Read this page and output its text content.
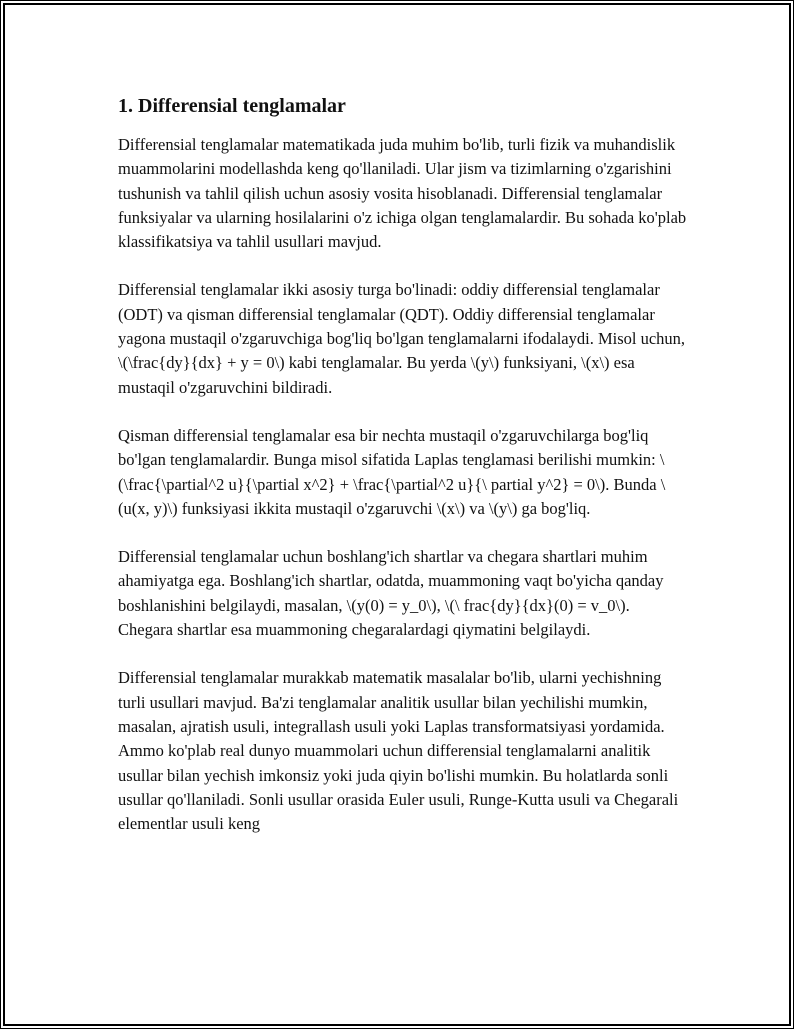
1. Differensial tenglamalar

Differensial tenglamalar matematikada juda muhim bo'lib, turli fizik va muhandislik muammolarini modellashda keng qo'llaniladi. Ular jism va tizimlarning o'zgarishini tushunish va tahlil qilish uchun asosiy vosita hisoblanadi. Differensial tenglamalar funksiyalar va ularning hosilalarini o'z ichiga olgan tenglamalardir. Bu sohada ko'plab klassifikatsiya va tahlil usullari mavjud.

Differensial tenglamalar ikki asosiy turga bo'linadi: oddiy differensial tenglamalar (ODT) va qisman differensial tenglamalar (QDT). Oddiy differensial tenglamalar yagona mustaqil o'zgaruvchiga bog'liq bo'lgan tenglamalarni ifodalaydi. Misol uchun, \(\frac{dy}{dx} + y = 0\) kabi tenglamalar. Bu yerda \(y\) funksiyani, \(x\) esa mustaqil o'zgaruvchini bildiradi.

Qisman differensial tenglamalar esa bir nechta mustaqil o'zgaruvchilarga bog'liq bo'lgan tenglamalardir. Bunga misol sifatida Laplas tenglamasi berilishi mumkin: \(\frac{\partial^2 u}{\partial x^2} + \frac{\partial^2 u}{\ partial y^2} = 0\). Bunda \(u(x, y)\) funksiyasi ikkita mustaqil o'zgaruvchi \(x\) va \(y\) ga bog'liq.

Differensial tenglamalar uchun boshlang'ich shartlar va chegara shartlari muhim ahamiyatga ega. Boshlang'ich shartlar, odatda, muammoning vaqt bo'yicha qanday boshlanishini belgilaydi, masalan, \(y(0) = y_0\), \(\ frac{dy}{dx}(0) = v_0\). Chegara shartlar esa muammoning chegaralardagi qiymatini belgilaydi.

Differensial tenglamalar murakkab matematik masalalar bo'lib, ularni yechishning turli usullari mavjud. Ba'zi tenglamalar analitik usullar bilan yechilishi mumkin, masalan, ajratish usuli, integrallash usuli yoki Laplas transformatsiyasi yordamida. Ammo ko'plab real dunyo muammolari uchun differensial tenglamalarni analitik usullar bilan yechish imkonsiz yoki juda qiyin bo'lishi mumkin. Bu holatlarda sonli usullar qo'llaniladi. Sonli usullar orasida Euler usuli, Runge-Kutta usuli va Chegarali elementlar usuli keng
